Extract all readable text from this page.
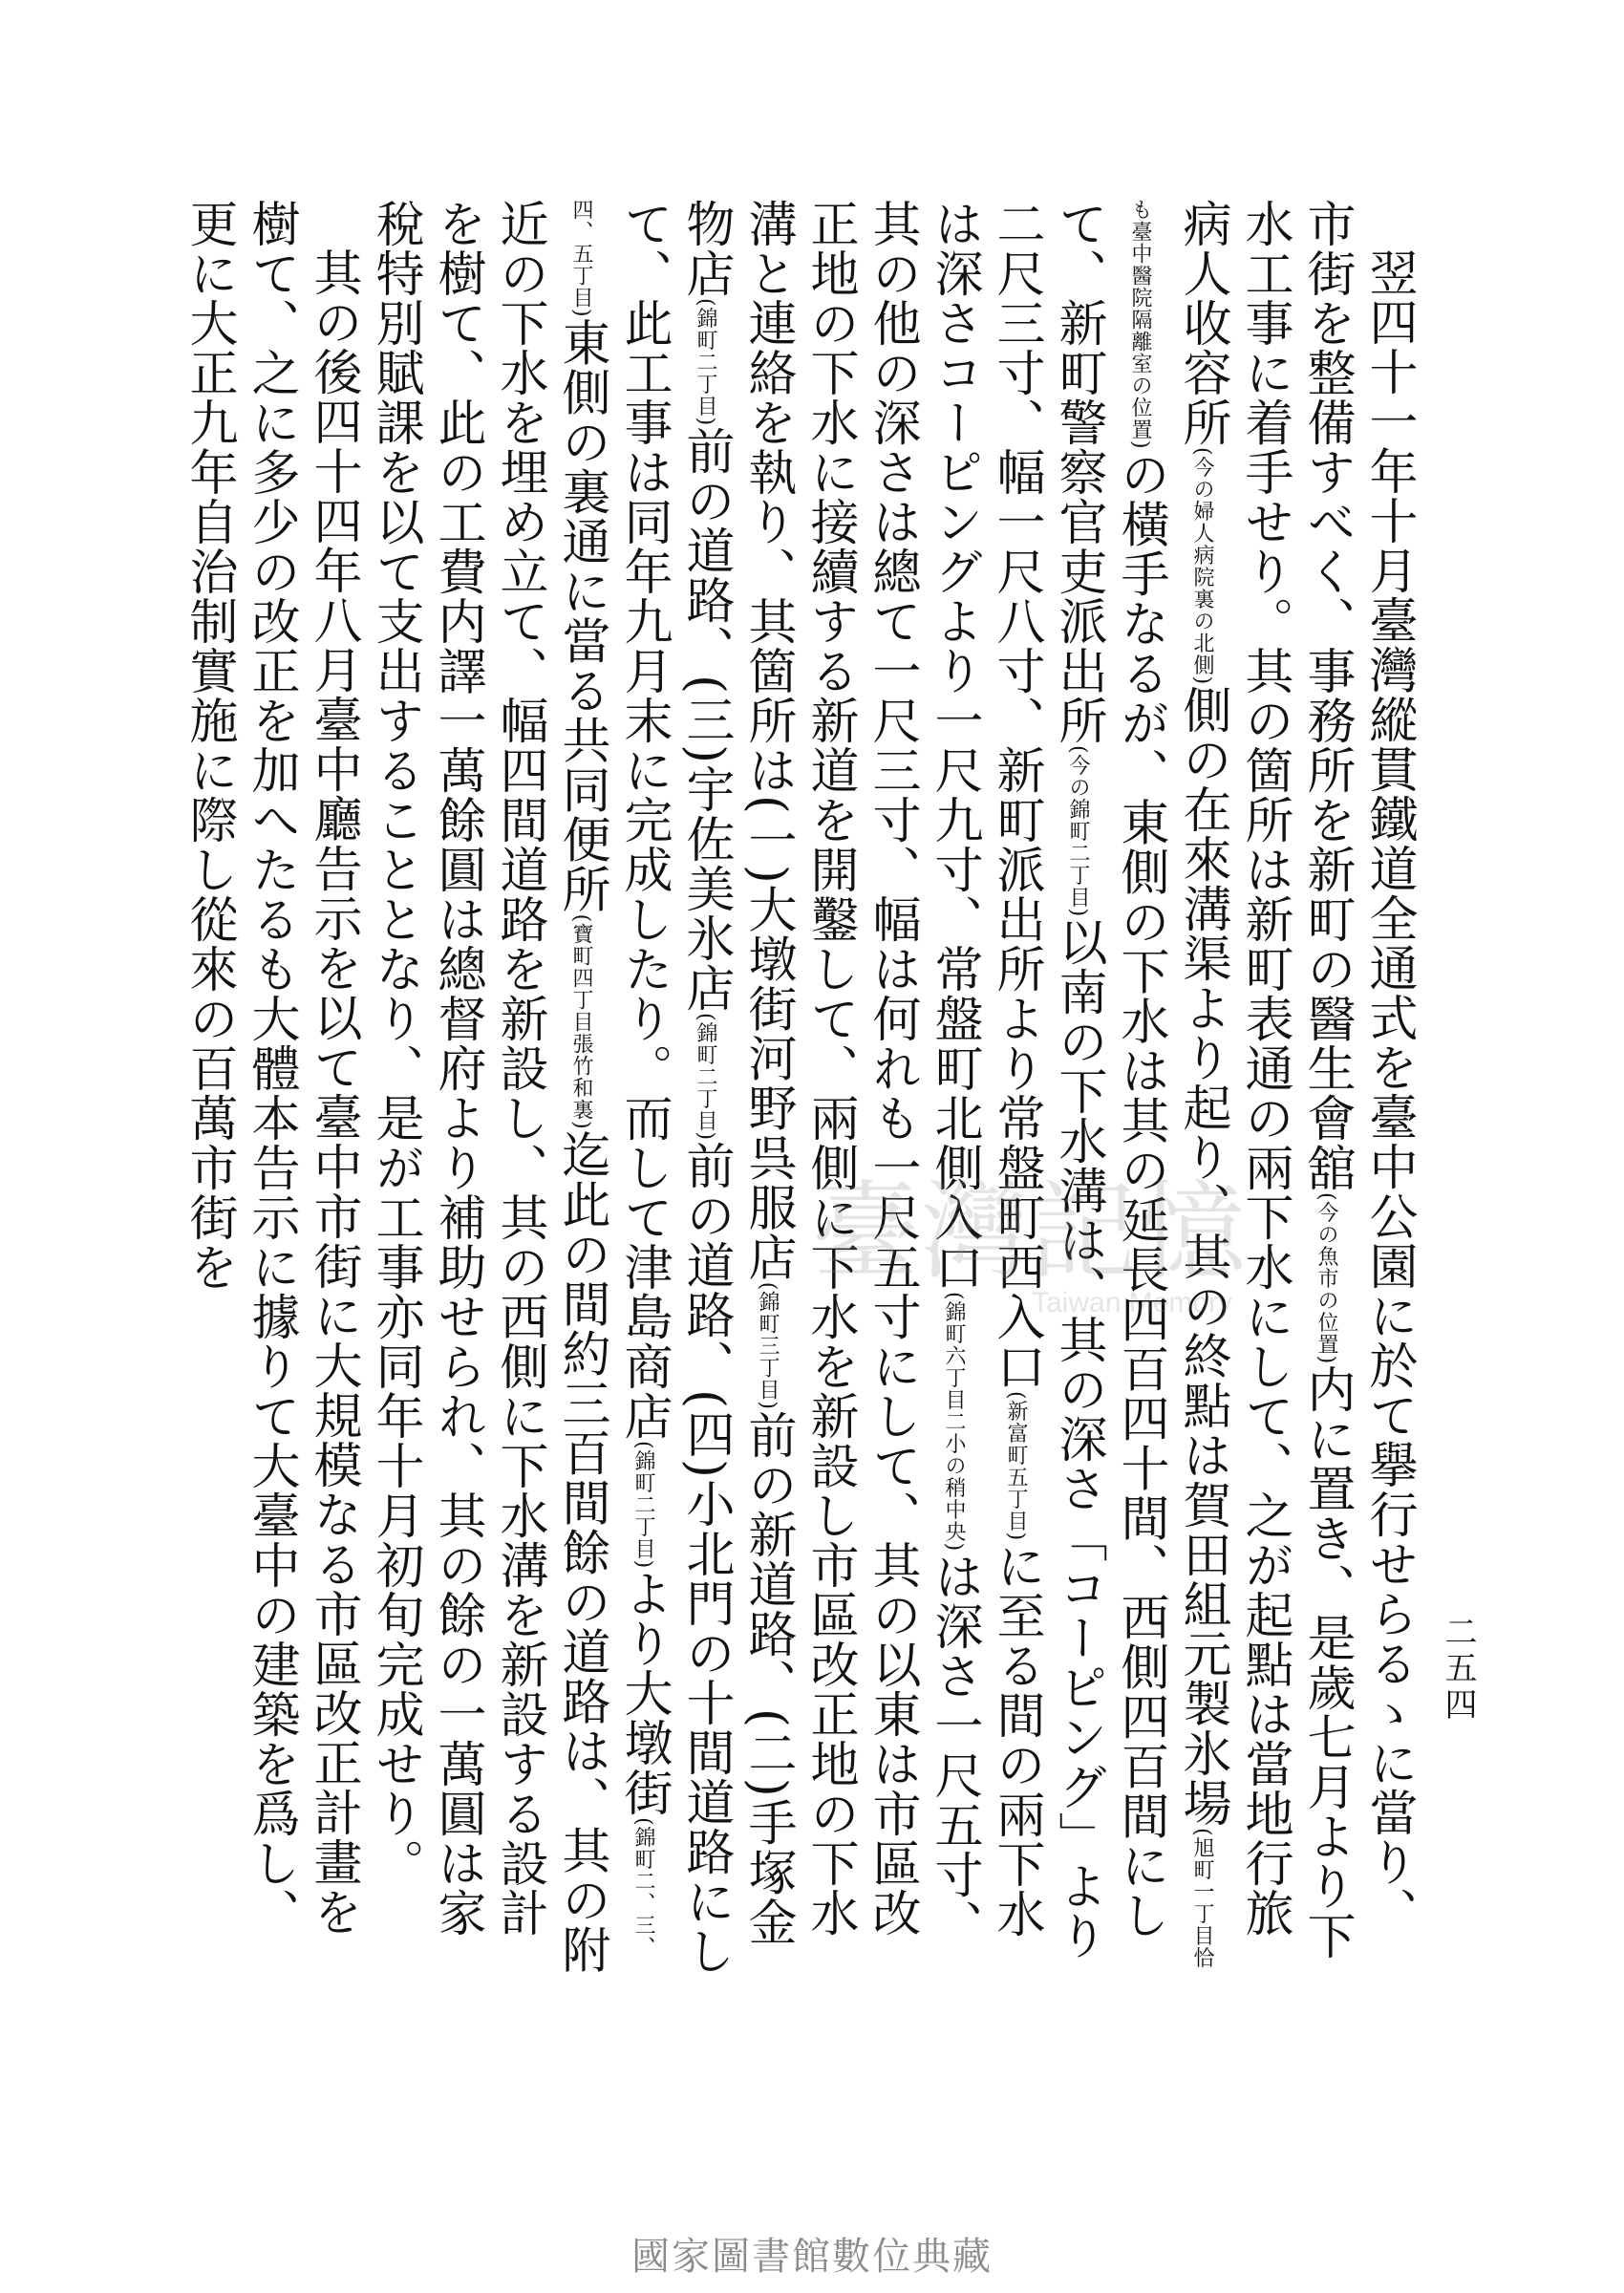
二五四

翌四十一年十月臺灣縱貫鐵道全通式を臺中公園に於て擧行せらるゝに當り、市街を整備すべく、事務所を新町の醫生會舘(今の魚市の位置)内に置き、是歲七月より下水工事に着手せり。其の箇所は新町表通の兩下水にして、之が起點は當地行旅病人收容所(今の婦人病院裏の北側)側の在來溝渠より起り、其の終點は賀田組元製氷場(旭町一丁目恰も臺中醫院隔離室の位置)の橫手なるが、東側の下水は其の延長四百四十間、西側四百間にして、新町警察官吏派出所(今の錦町二丁目)以南の下水溝は、其の深さ「コーピング」より二尺三寸、幅一尺八寸、新町派出所より常盤町西入口(新富町五丁目)に至る間の兩下水は深さコーピングより一尺九寸、常盤町北側入口(錦町六丁目二小の稍中央)は深さ一尺五寸、其の他の深さは總て一尺三寸、幅は何れも一尺五寸にして、其の以東は市區改正地の下水に接續する新道を開鑿して、兩側に下水を新設し市區改正地の下水溝と連絡を執り、其箇所は(一)大墩街河野呉服店(錦町三丁目)前の新道路、(二)手塚金物店(錦町二丁目)前の道路、(三)宇佐美氷店(錦町二丁目)前の道路、(四)小北門の十間道路にして、此工事は同年九月末に完成したり。而して津島商店(錦町二丁目)より大墩街(錦町二、三、四、五丁目)東側の裏通に當る共同便所(寶町四丁目張竹和裏)迄此の間約三百間餘の道路は、其の附近の下水を埋め立て、幅四間道路を新設し、其の西側に下水溝を新設する設計を樹て、此の工費内譯一萬餘圓は總督府より補助せられ、其の餘の一萬圓は家稅特別賦課を以て支出することとなり、是が工事亦同年十月初旬完成せり。

其の後四十四年八月臺中廳告示を以て臺中市街に大規模なる市區改正計畫を樹て、之に多少の改正を加へたるも大體本告示に據りて大臺中の建築を爲し、更に大正九年自治制實施に際し從來の百萬市街を	臺灣記憶
Taiwan Memory
國家圖書館數位典藏
